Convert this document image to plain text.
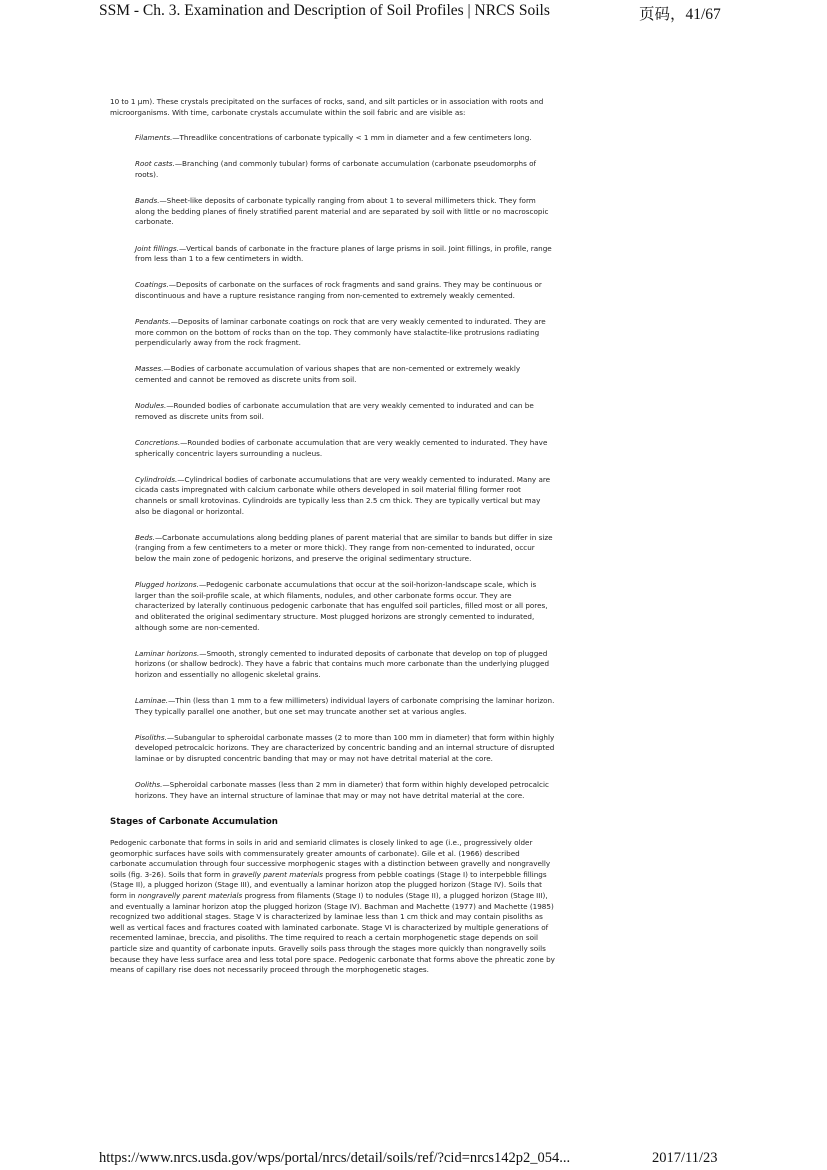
SSM - Ch. 3. Examination and Description of Soil Profiles | NRCS Soils	页码，41/67

10 to 1 µm). These crystals precipitated on the surfaces of rocks, sand, and silt particles or in association with roots and microorganisms. With time, carbonate crystals accumulate within the soil fabric and are visible as:

Filaments.—Threadlike concentrations of carbonate typically < 1 mm in diameter and a few centimeters long.

Root casts.—Branching (and commonly tubular) forms of carbonate accumulation (carbonate pseudomorphs of roots).

Bands.—Sheet-like deposits of carbonate typically ranging from about 1 to several millimeters thick. They form along the bedding planes of finely stratified parent material and are separated by soil with little or no macroscopic carbonate.

Joint fillings.—Vertical bands of carbonate in the fracture planes of large prisms in soil. Joint fillings, in profile, range from less than 1 to a few centimeters in width.

Coatings.—Deposits of carbonate on the surfaces of rock fragments and sand grains. They may be continuous or discontinuous and have a rupture resistance ranging from non-cemented to extremely weakly cemented.

Pendants.—Deposits of laminar carbonate coatings on rock that are very weakly cemented to indurated. They are more common on the bottom of rocks than on the top. They commonly have stalactite-like protrusions radiating perpendicularly away from the rock fragment.

Masses.—Bodies of carbonate accumulation of various shapes that are non-cemented or extremely weakly cemented and cannot be removed as discrete units from soil.

Nodules.—Rounded bodies of carbonate accumulation that are very weakly cemented to indurated and can be removed as discrete units from soil.

Concretions.—Rounded bodies of carbonate accumulation that are very weakly cemented to indurated. They have spherically concentric layers surrounding a nucleus.

Cylindroids.—Cylindrical bodies of carbonate accumulations that are very weakly cemented to indurated. Many are cicada casts impregnated with calcium carbonate while others developed in soil material filling former root channels or small krotovinas. Cylindroids are typically less than 2.5 cm thick. They are typically vertical but may also be diagonal or horizontal.

Beds.—Carbonate accumulations along bedding planes of parent material that are similar to bands but differ in size (ranging from a few centimeters to a meter or more thick). They range from non-cemented to indurated, occur below the main zone of pedogenic horizons, and preserve the original sedimentary structure.

Plugged horizons.—Pedogenic carbonate accumulations that occur at the soil-horizon-landscape scale, which is larger than the soil-profile scale, at which filaments, nodules, and other carbonate forms occur. They are characterized by laterally continuous pedogenic carbonate that has engulfed soil particles, filled most or all pores, and obliterated the original sedimentary structure. Most plugged horizons are strongly cemented to indurated, although some are non-cemented.

Laminar horizons.—Smooth, strongly cemented to indurated deposits of carbonate that develop on top of plugged horizons (or shallow bedrock). They have a fabric that contains much more carbonate than the underlying plugged horizon and essentially no allogenic skeletal grains.

Laminae.—Thin (less than 1 mm to a few millimeters) individual layers of carbonate comprising the laminar horizon. They typically parallel one another, but one set may truncate another set at various angles.

Pisoliths.—Subangular to spheroidal carbonate masses (2 to more than 100 mm in diameter) that form within highly developed petrocalcic horizons. They are characterized by concentric banding and an internal structure of disrupted laminae or by disrupted concentric banding that may or may not have detrital material at the core.

Ooliths.—Spheroidal carbonate masses (less than 2 mm in diameter) that form within highly developed petrocalcic horizons. They have an internal structure of laminae that may or may not have detrital material at the core.

Stages of Carbonate Accumulation

Pedogenic carbonate that forms in soils in arid and semiarid climates is closely linked to age (i.e., progressively older geomorphic surfaces have soils with commensurately greater amounts of carbonate). Gile et al. (1966) described carbonate accumulation through four successive morphogenic stages with a distinction between gravelly and nongravelly soils (fig. 3-26). Soils that form in gravelly parent materials progress from pebble coatings (Stage I) to interpebble fillings (Stage II), a plugged horizon (Stage III), and eventually a laminar horizon atop the plugged horizon (Stage IV). Soils that form in nongravelly parent materials progress from filaments (Stage I) to nodules (Stage II), a plugged horizon (Stage III), and eventually a laminar horizon atop the plugged horizon (Stage IV). Bachman and Machette (1977) and Machette (1985) recognized two additional stages. Stage V is characterized by laminae less than 1 cm thick and may contain pisoliths as well as vertical faces and fractures coated with laminated carbonate. Stage VI is characterized by multiple generations of recemented laminae, breccia, and pisoliths. The time required to reach a certain morphogenetic stage depends on soil particle size and quantity of carbonate inputs. Gravelly soils pass through the stages more quickly than nongravelly soils because they have less surface area and less total pore space. Pedogenic carbonate that forms above the phreatic zone by means of capillary rise does not necessarily proceed through the morphogenetic stages.

https://www.nrcs.usda.gov/wps/portal/nrcs/detail/soils/ref/?cid=nrcs142p2_054...	2017/11/23
